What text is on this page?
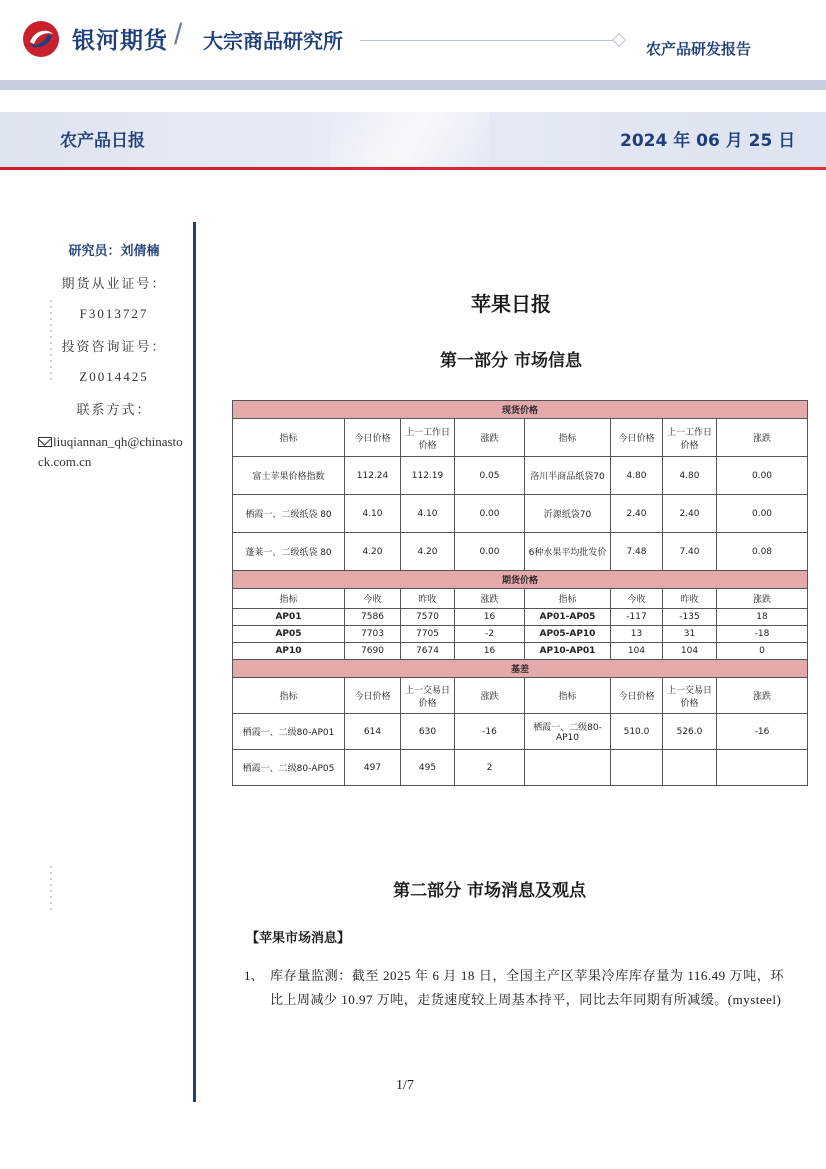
银河期货 / 大宗商品研究所	农产品研发报告
农产品日报	2024 年 06 月 25 日
研究员：刘倩楠
期货从业证号：
F3013727
投资咨询证号：
Z0014425
联系方式：
liuqiannan_qh@chinastock.com.cn
苹果日报
第一部分 市场信息
现货价格							
指标	今日价格	上一工作日价格	涨跌	指标	今日价格	上一工作日价格	涨跌
富士苹果价格指数	112.24	112.19	0.05	洛川半商品纸袋70	4.80	4.80	0.00
栖霞一、二级纸袋 80	4.10	4.10	0.00	沂源纸袋70	2.40	2.40	0.00
蓬莱一、二级纸袋 80	4.20	4.20	0.00	6种水果平均批发价	7.48	7.40	0.08
期货价格							
指标	今收	昨收	涨跌	指标	今收	昨收	涨跌
AP01	7586	7570	16	AP01-AP05	-117	-135	18
AP05	7703	7705	-2	AP05-AP10	13	31	-18
AP10	7690	7674	16	AP10-AP01	104	104	0
基差							
指标	今日价格	上一交易日价格	涨跌	指标	今日价格	上一交易日价格	涨跌
栖霞一、二级80-AP01	614	630	-16	栖霞一、二级80-AP10	510.0	526.0	-16
栖霞一、二级80-AP05	497	495	2				

第二部分 市场消息及观点
【苹果市场消息】
1、 库存量监测：截至 2025 年 6 月 18 日，全国主产区苹果冷库库存量为 116.49 万吨，环比上周减少 10.97 万吨，走货速度较上周基本持平，同比去年同期有所减缓。(mysteel)
1/7
